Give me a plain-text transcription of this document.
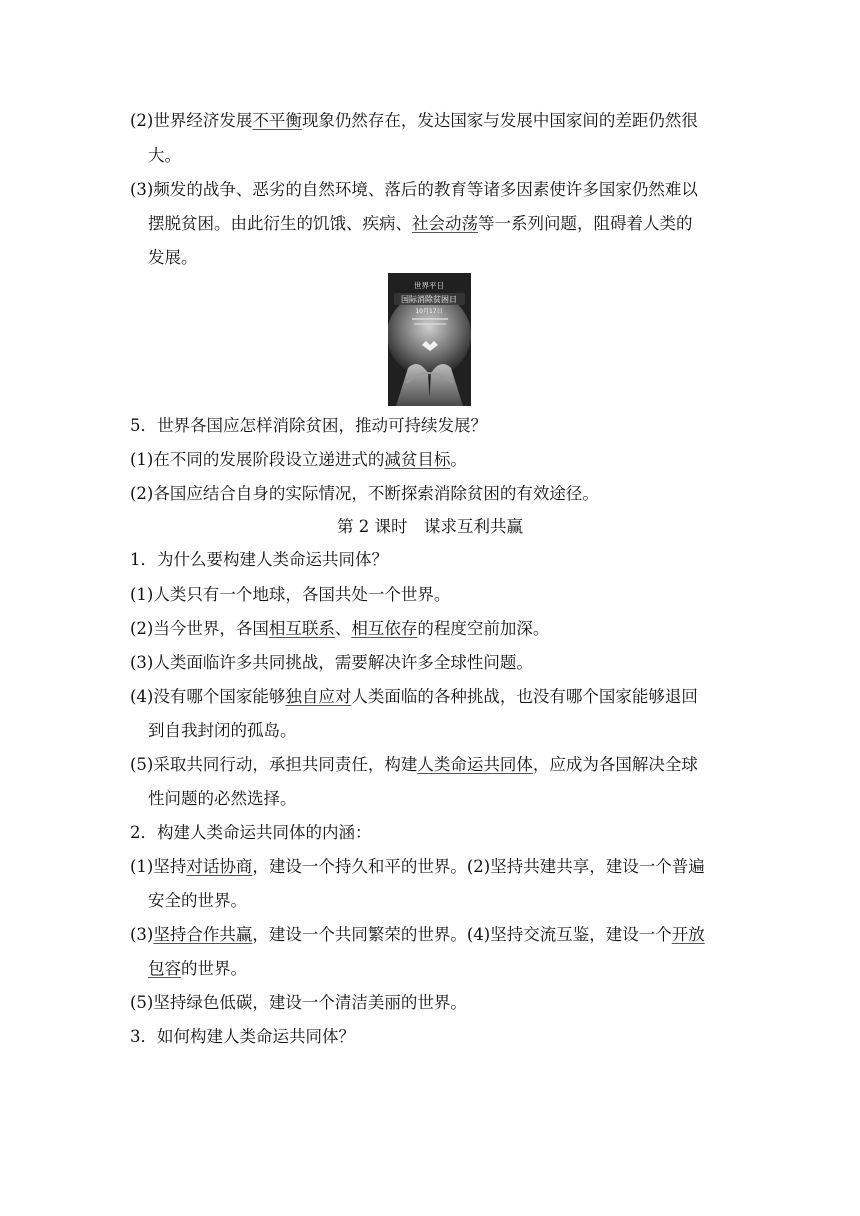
(2)世界经济发展不平衡现象仍然存在，发达国家与发展中国家间的差距仍然很
大。
(3)频发的战争、恶劣的自然环境、落后的教育等诸多因素使许多国家仍然难以
摆脱贫困。由此衍生的饥饿、疾病、社会动荡等一系列问题，阻碍着人类的
发展。
世界平日
国际消除贫困日
10月17日
5．世界各国应怎样消除贫困，推动可持续发展？
(1)在不同的发展阶段设立递进式的减贫目标。
(2)各国应结合自身的实际情况，不断探索消除贫困的有效途径。
第 2 课时　谋求互利共赢
1．为什么要构建人类命运共同体？
(1)人类只有一个地球，各国共处一个世界。
(2)当今世界，各国相互联系、相互依存的程度空前加深。
(3)人类面临许多共同挑战，需要解决许多全球性问题。
(4)没有哪个国家能够独自应对人类面临的各种挑战，也没有哪个国家能够退回
到自我封闭的孤岛。
(5)采取共同行动，承担共同责任，构建人类命运共同体，应成为各国解决全球
性问题的必然选择。
2．构建人类命运共同体的内涵：
(1)坚持对话协商，建设一个持久和平的世界。(2)坚持共建共享，建设一个普遍
安全的世界。
(3)坚持合作共赢，建设一个共同繁荣的世界。(4)坚持交流互鉴，建设一个开放
包容的世界。
(5)坚持绿色低碳，建设一个清洁美丽的世界。
3．如何构建人类命运共同体？
